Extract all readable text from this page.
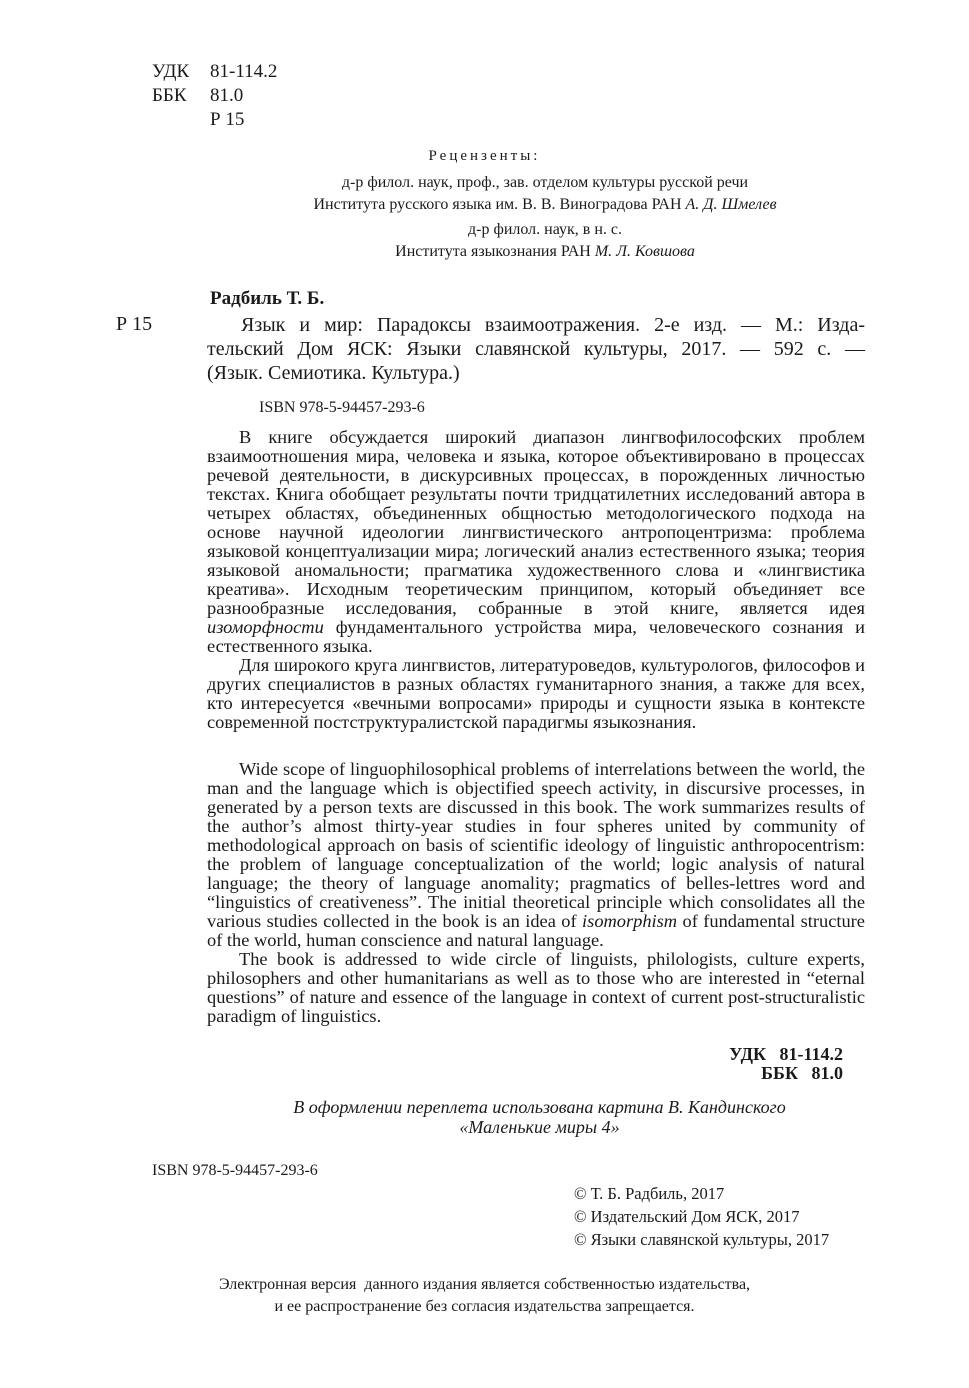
УДК	81-114.2
ББК	81.0
Р 15
Рецензенты:
д-р филол. наук, проф., зав. отделом культуры русской речи
Института русского языка им. В. В. Виноградова РАН А. Д. Шмелев
д-р филол. наук, в н. с.
Института языкознания РАН М. Л. Ковшова
Радбиль Т. Б.
Р 15	Язык и мир: Парадоксы взаимоотражения. 2-е изд. — М.: Изда-
тельский Дом ЯСК: Языки славянской культуры, 2017. — 592 с. —
(Язык. Семиотика. Культура.)
ISBN 978-5-94457-293-6

В книге обсуждается широкий диапазон лингвофилософских проблем взаимоотношения мира, человека и языка, которое объективировано в процессах речевой деятельности, в дискурсивных процессах, в порожденных личностью текстах. Книга обобщает результаты почти тридцатилетних исследований автора в четырех областях, объединенных общностью методологического подхода на основе научной идеологии лингвистического антропоцентризма: проблема языковой концептуализации мира; логический анализ естественного языка; теория языковой аномальности; прагматика художественного слова и «лингвистика креатива». Исходным теоретическим принципом, который объединяет все разнообразные исследования, собранные в этой книге, является идея изоморфности фундаментального устройства мира, человеческого сознания и естественного языка.

Для широкого круга лингвистов, литературоведов, культурологов, философов и других специалистов в разных областях гуманитарного знания, а также для всех, кто интересуется «вечными вопросами» природы и сущности языка в контексте современной постструктуралистской парадигмы языкознания.

Wide scope of linguophilosophical problems of interrelations between the world, the man and the language which is objectified speech activity, in discursive processes, in generated by a person texts are discussed in this book. The work summarizes results of the author’s almost thirty-year studies in four spheres united by community of methodological approach on basis of scientific ideology of linguistic anthropocentrism: the problem of language conceptualization of the world; logic analysis of natural language; the theory of language anomality; pragmatics of belles-lettres word and “linguistics of creativeness”. The initial theoretical principle which consolidates all the various studies collected in the book is an idea of isomorphism of fundamental structure of the world, human conscience and natural language.

The book is addressed to wide circle of linguists, philologists, culture experts, philosophers and other humanitarians as well as to those who are interested in “eternal questions” of nature and essence of the language in context of current post-structuralistic paradigm of linguistics.

УДК   81-114.2
ББК   81.0
В оформлении переплета использована картина В. Кандинского
«Маленькие миры 4»
ISBN 978-5-94457-293-6
© Т. Б. Радбиль, 2017
© Издательский Дом ЯСК, 2017
© Языки славянской культуры, 2017
Электронная версия  данного издания является собственностью издательства,
и ее распространение без согласия издательства запрещается.
